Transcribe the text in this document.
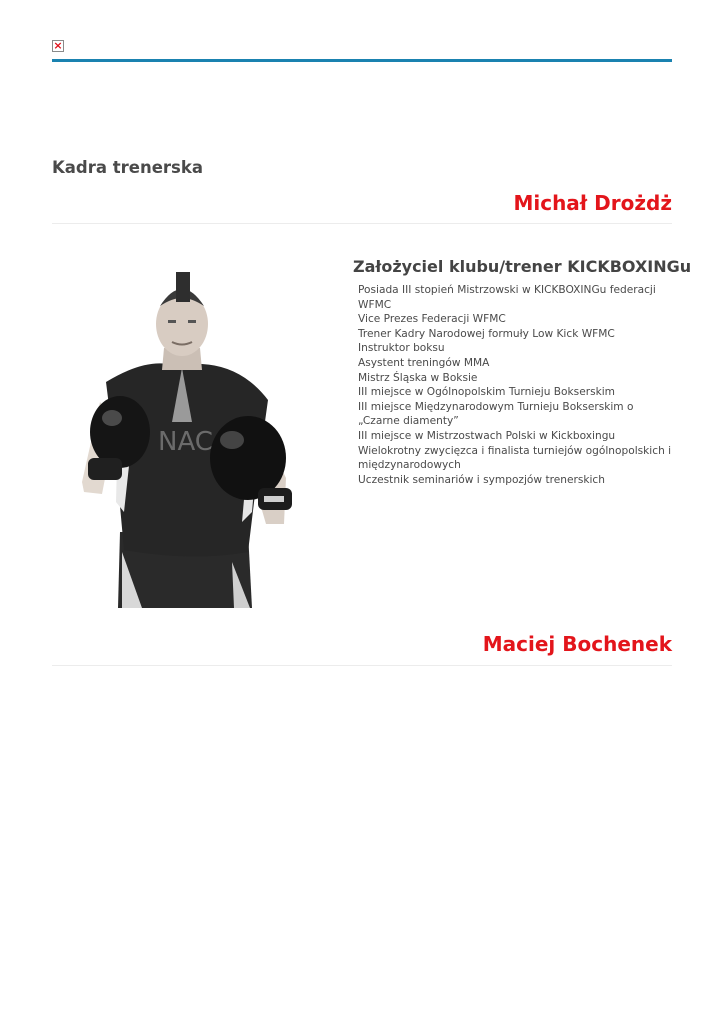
×
Kadra trenerska
Michał Drożdż
NAC
Założyciel klubu/trener KICKBOXINGu
Posiada III stopień Mistrzowski w KICKBOXINGu federacji WFMC
Vice Prezes Federacji WFMC
Trener Kadry Narodowej formuły Low Kick WFMC
Instruktor boksu
Asystent treningów MMA
Mistrz Śląska w Boksie
III miejsce w Ogólnopolskim Turnieju Bokserskim
III miejsce Międzynarodowym Turnieju Bokserskim o „Czarne diamenty”
III miejsce w Mistrzostwach Polski w Kickboxingu
Wielokrotny zwycięzca i finalista turniejów ogólnopolskich i międzynarodowych
Uczestnik seminariów i sympozjów trenerskich
Maciej Bochenek
